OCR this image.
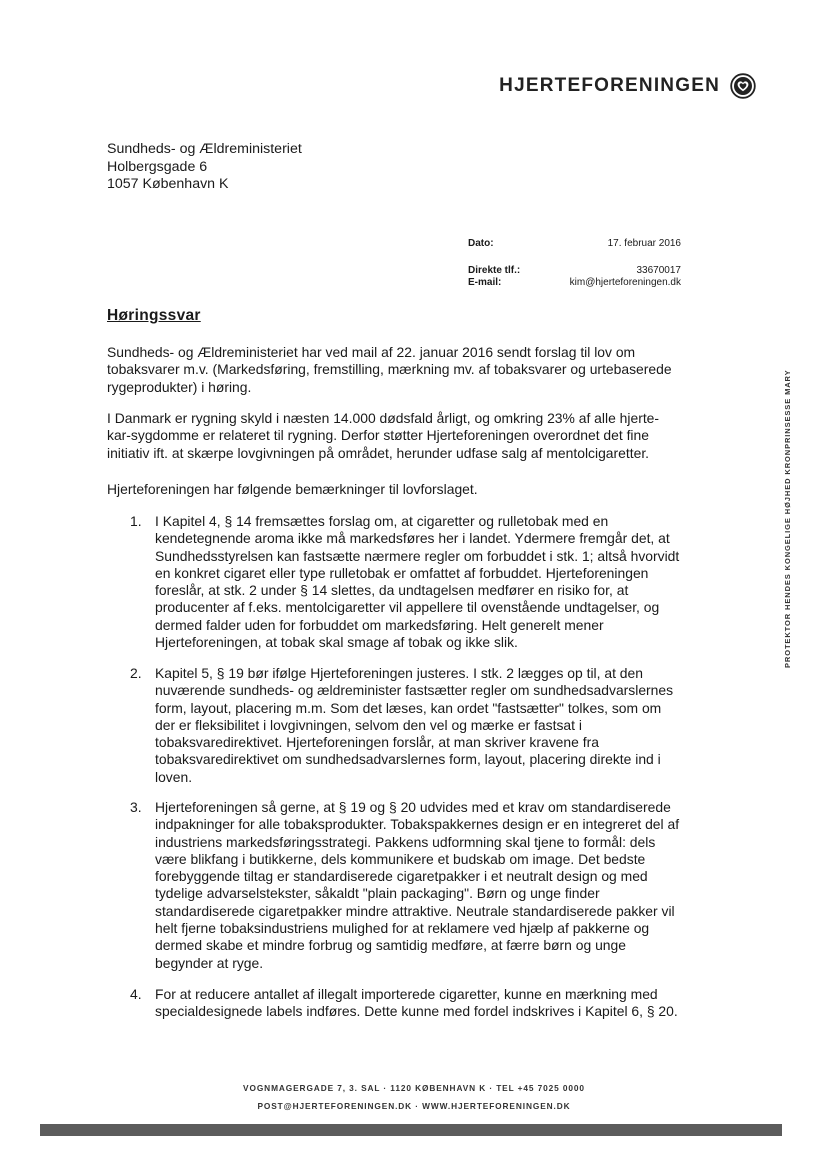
HJERTEFORENINGEN
Sundheds- og Ældreministeriet
Holbergsgade 6
1057 København K
Dato:	17. februar 2016
Direkte tlf.:	33670017
E-mail:	kim@hjerteforeningen.dk
Høringssvar
Sundheds- og Ældreministeriet har ved mail af 22. januar 2016 sendt forslag til lov om
tobaksvarer m.v. (Markedsføring, fremstilling, mærkning mv. af tobaksvarer og urtebaserede
rygeprodukter) i høring.
I Danmark er rygning skyld i næsten 14.000 dødsfald årligt, og omkring 23% af alle hjerte-
kar-sygdomme er relateret til rygning. Derfor støtter Hjerteforeningen overordnet det fine
initiativ ift. at skærpe lovgivningen på området, herunder udfase salg af mentolcigaretter.
Hjerteforeningen har følgende bemærkninger til lovforslaget.
1. I Kapitel 4, § 14 fremsættes forslag om, at cigaretter og rulletobak med en
kendetegnende aroma ikke må markedsføres her i landet. Ydermere fremgår det, at
Sundhedsstyrelsen kan fastsætte nærmere regler om forbuddet i stk. 1; altså hvorvidt
en konkret cigaret eller type rulletobak er omfattet af forbuddet. Hjerteforeningen
foreslår, at stk. 2 under § 14 slettes, da undtagelsen medfører en risiko for, at
producenter af f.eks. mentolcigaretter vil appellere til ovenstående undtagelser, og
dermed falder uden for forbuddet om markedsføring. Helt generelt mener
Hjerteforeningen, at tobak skal smage af tobak og ikke slik.
2. Kapitel 5, § 19 bør ifølge Hjerteforeningen justeres. I stk. 2 lægges op til, at den
nuværende sundheds- og ældreminister fastsætter regler om sundhedsadvarslernes
form, layout, placering m.m. Som det læses, kan ordet "fastsætter" tolkes, som om
der er fleksibilitet i lovgivningen, selvom den vel og mærke er fastsat i
tobaksvaredirektivet. Hjerteforeningen forslår, at man skriver kravene fra
tobaksvaredirektivet om sundhedsadvarslernes form, layout, placering direkte ind i
loven.
3. Hjerteforeningen så gerne, at § 19 og § 20 udvides med et krav om standardiserede
indpakninger for alle tobaksprodukter. Tobakspakkernes design er en integreret del af
industriens markedsføringsstrategi. Pakkens udformning skal tjene to formål: dels
være blikfang i butikkerne, dels kommunikere et budskab om image. Det bedste
forebyggende tiltag er standardiserede cigaretpakker i et neutralt design og med
tydelige advarselstekster, såkaldt "plain packaging". Børn og unge finder
standardiserede cigaretpakker mindre attraktive. Neutrale standardiserede pakker vil
helt fjerne tobaksindustriens mulighed for at reklamere ved hjælp af pakkerne og
dermed skabe et mindre forbrug og samtidig medføre, at færre børn og unge
begynder at ryge.
4. For at reducere antallet af illegalt importerede cigaretter, kunne en mærkning med
specialdesignede labels indføres. Dette kunne med fordel indskrives i Kapitel 6, § 20.
PROTEKTOR HENDES KONGELIGE HØJHED KRONPRINSESSE MARY
VOGNMAGERGADE 7, 3. SAL · 1120 KØBENHAVN K · TEL +45 7025 0000
POST@HJERTEFORENINGEN.DK · WWW.HJERTEFORENINGEN.DK
